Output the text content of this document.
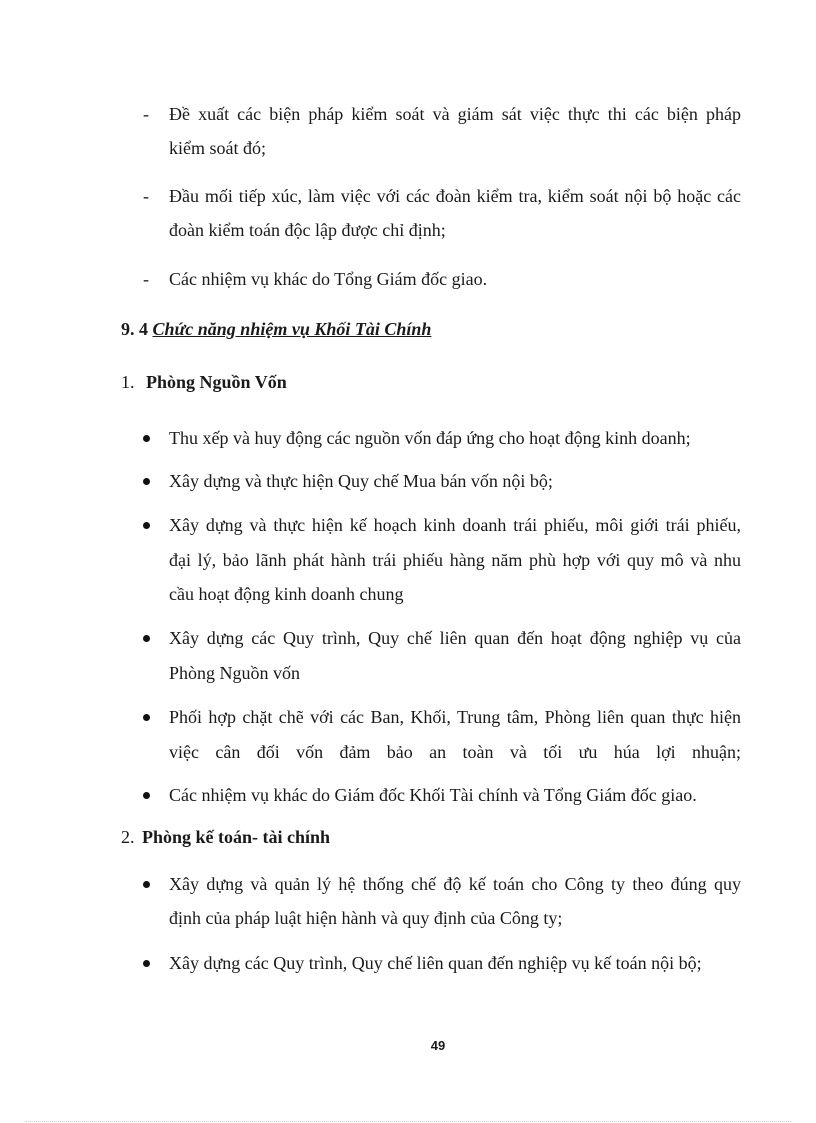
- Đề xuất các biện pháp kiểm soát và giám sát việc thực thi các biện pháp
kiểm soát đó;
- Đầu mối tiếp xúc, làm việc với các đoàn kiểm tra, kiểm soát nội bộ hoặc các
đoàn kiểm toán độc lập được chỉ định;
- Các nhiệm vụ khác do Tổng Giám đốc giao.
9. 4 Chức năng nhiệm vụ Khối Tài Chính
1. Phòng Nguồn Vốn
Thu xếp và huy động các nguồn vốn đáp ứng cho hoạt động kinh doanh;
Xây dựng và thực hiện Quy chế Mua bán vốn nội bộ;
Xây dựng và thực hiện kế hoạch kinh doanh trái phiếu, môi giới trái phiếu,
đại lý, bảo lãnh phát hành trái phiếu hàng năm phù hợp với quy mô và nhu
cầu hoạt động kinh doanh chung
Xây dựng các Quy trình, Quy chế liên quan đến hoạt động nghiệp vụ của
Phòng Nguồn vốn
Phối hợp chặt chẽ với các Ban, Khối, Trung tâm, Phòng liên quan thực hiện
việc cân đối vốn đảm bảo an toàn và tối ưu húa lợi nhuận;
Các nhiệm vụ khác do Giám đốc Khối Tài chính và Tổng Giám đốc giao.
2. Phòng kế toán- tài chính
Xây dựng và quản lý hệ thống chế độ kế toán cho Công ty theo đúng quy
định của pháp luật hiện hành và quy định của Công ty;
Xây dựng các Quy trình, Quy chế liên quan đến nghiệp vụ kế toán nội bộ;
49
